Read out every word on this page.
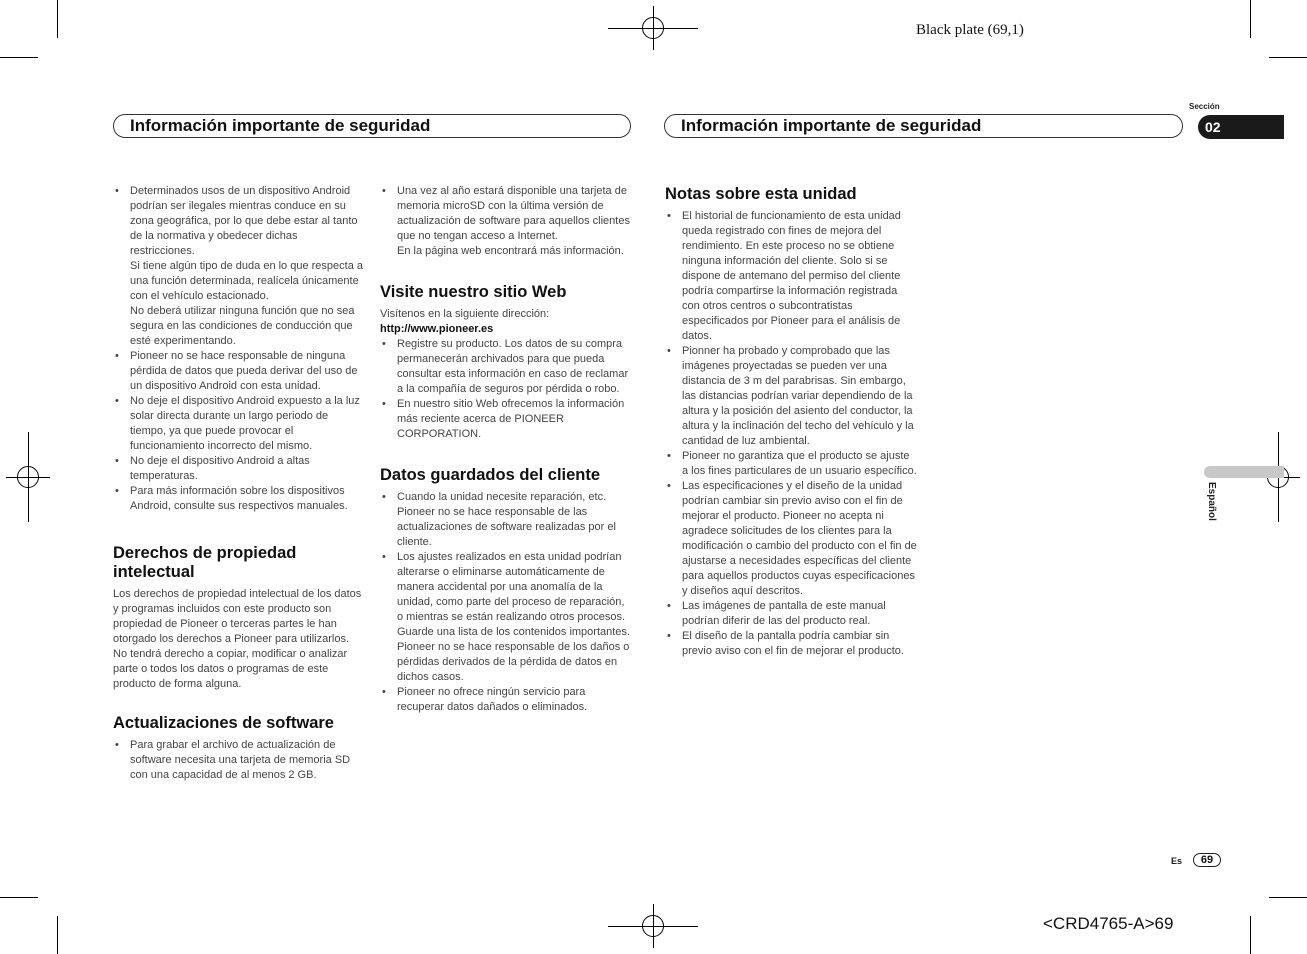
Black plate (69,1)
<CRD4765-A>69
Información importante de seguridad	Información importante de seguridad
Sección
02

• Determinados usos de un dispositivo Android podrían ser ilegales mientras conduce en su zona geográfica, por lo que debe estar al tanto de la normativa y obedecer dichas restricciones.

Si tiene algún tipo de duda en lo que respecta a una función determinada, realícela únicamente con el vehículo estacionado.

No deberá utilizar ninguna función que no sea segura en las condiciones de conducción que esté experimentando.

• Pioneer no se hace responsable de ninguna pérdida de datos que pueda derivar del uso de un dispositivo Android con esta unidad.
• No deje el dispositivo Android expuesto a la luz solar directa durante un largo periodo de tiempo, ya que puede provocar el funcionamiento incorrecto del mismo.
• No deje el dispositivo Android a altas temperaturas.
• Para más información sobre los dispositivos Android, consulte sus respectivos manuales.
Derechos de propiedad intelectual

Los derechos de propiedad intelectual de los datos y programas incluidos con este producto son propiedad de Pioneer o terceras partes le han otorgado los derechos a Pioneer para utilizarlos. No tendrá derecho a copiar, modificar o analizar parte o todos los datos o programas de este producto de forma alguna.

Actualizaciones de software
• Para grabar el archivo de actualización de software necesita una tarjeta de memoria SD con una capacidad de al menos 2 GB.

• Una vez al año estará disponible una tarjeta de memoria microSD con la última versión de actualización de software para aquellos clientes que no tengan acceso a Internet.

En la página web encontrará más información.

Visite nuestro sitio Web

Visítenos en la siguiente dirección:

http://www.pioneer.es

• Registre su producto. Los datos de su compra permanecerán archivados para que pueda consultar esta información en caso de reclamar a la compañía de seguros por pérdida o robo.
• En nuestro sitio Web ofrecemos la información más reciente acerca de PIONEER CORPORATION.
Datos guardados del cliente
• Cuando la unidad necesite reparación, etc. Pioneer no se hace responsable de las actualizaciones de software realizadas por el cliente.
• Los ajustes realizados en esta unidad podrían alterarse o eliminarse automáticamente de manera accidental por una anomalía de la unidad, como parte del proceso de reparación, o mientras se están realizando otros procesos. Guarde una lista de los contenidos importantes. Pioneer no se hace responsable de los daños o pérdidas derivados de la pérdida de datos en dichos casos.
• Pioneer no ofrece ningún servicio para recuperar datos dañados o eliminados.
Notas sobre esta unidad
• El historial de funcionamiento de esta unidad queda registrado con fines de mejora del rendimiento. En este proceso no se obtiene ninguna información del cliente. Solo si se dispone de antemano del permiso del cliente podría compartirse la información registrada con otros centros o subcontratistas especificados por Pioneer para el análisis de datos.
• Pionner ha probado y comprobado que las imágenes proyectadas se pueden ver una distancia de 3 m del parabrisas. Sin embargo, las distancias podrían variar dependiendo de la altura y la posición del asiento del conductor, la altura y la inclinación del techo del vehículo y la cantidad de luz ambiental.
• Pioneer no garantiza que el producto se ajuste a los fines particulares de un usuario específico.
• Las especificaciones y el diseño de la unidad podrían cambiar sin previo aviso con el fin de mejorar el producto. Pioneer no acepta ni agradece solicitudes de los clientes para la modificación o cambio del producto con el fin de ajustarse a necesidades específicas del cliente para aquellos productos cuyas especificaciones y diseños aquí descritos.
• Las imágenes de pantalla de este manual podrían diferir de las del producto real.
• El diseño de la pantalla podría cambiar sin previo aviso con el fin de mejorar el producto.
Español
Es	69
